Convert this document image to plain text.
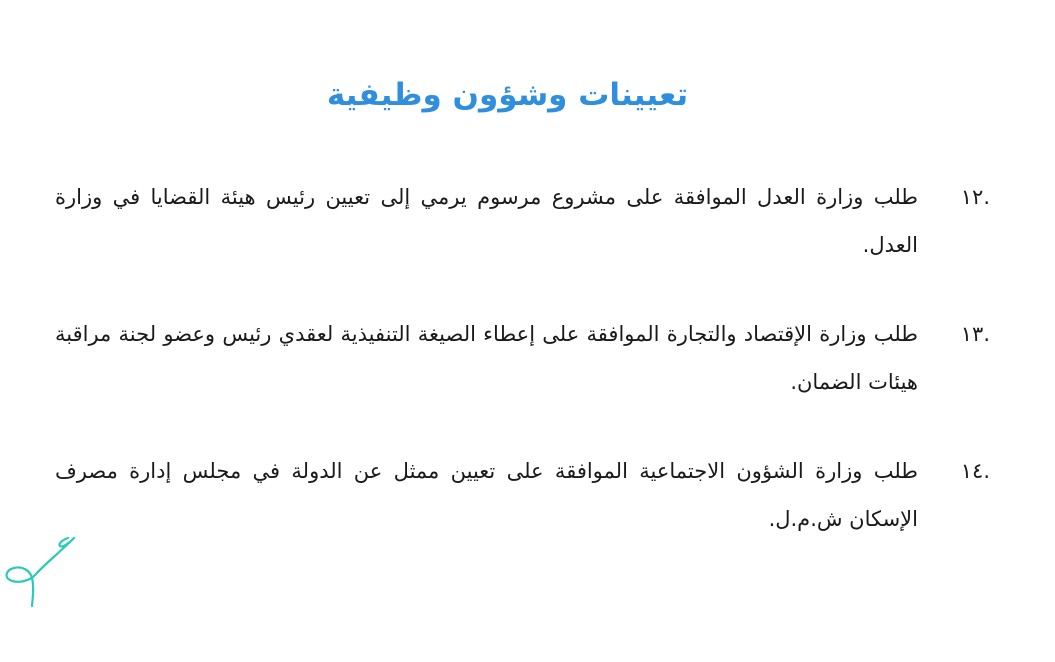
تعيينات وشؤون وظيفية
.١٢
طلب وزارة العدل الموافقة على مشروع مرسوم يرمي إلى تعيين رئيس هيئة القضايا في وزارة العدل.
.١٣
طلب وزارة الإقتصاد والتجارة الموافقة على إعطاء الصيغة التنفيذية لعقدي رئيس وعضو لجنة مراقبة هيئات الضمان.
.١٤
طلب وزارة الشؤون الاجتماعية الموافقة على تعيين ممثل عن الدولة في مجلس إدارة مصرف الإسكان ش.م.ل.
